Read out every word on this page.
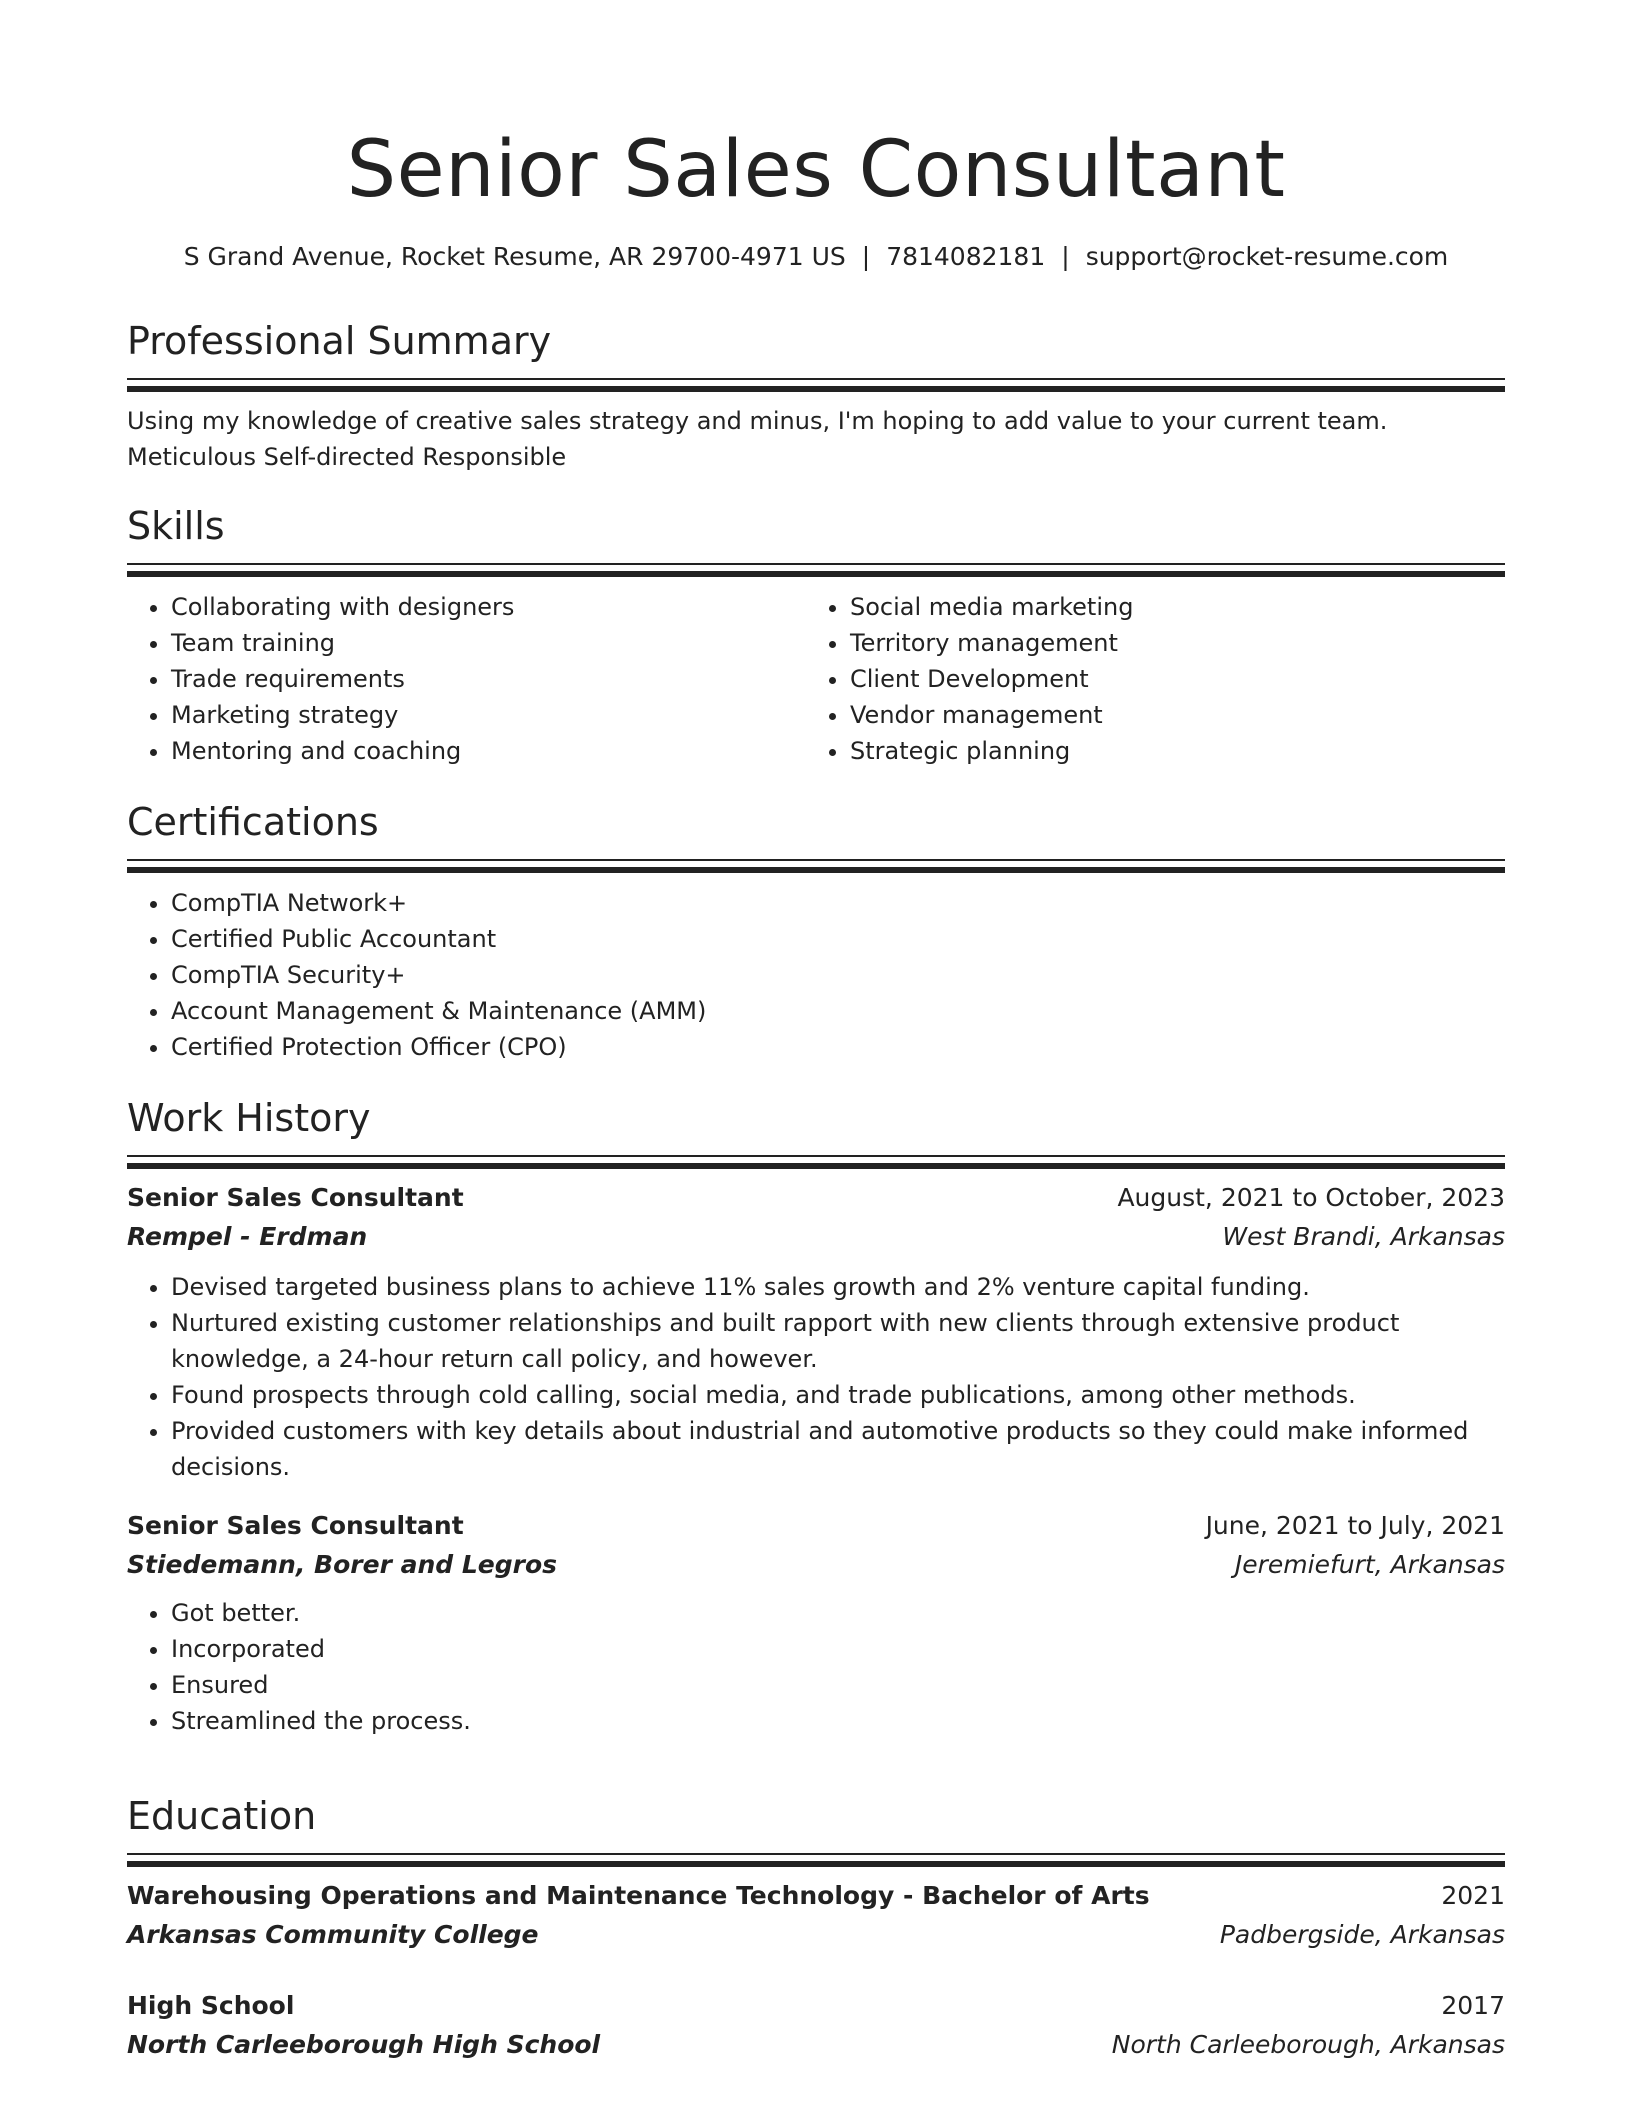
Senior Sales Consultant
S Grand Avenue, Rocket Resume, AR 29700-4971 US | 7814082181 | support@rocket-resume.com
Professional Summary
Using my knowledge of creative sales strategy and minus, I'm hoping to add value to your current team. Meticulous Self-directed Responsible
Skills
• Collaborating with designers
• Team training
• Trade requirements
• Marketing strategy
• Mentoring and coaching
• Social media marketing
• Territory management
• Client Development
• Vendor management
• Strategic planning
Certifications
• CompTIA Network+
• Certified Public Accountant
• CompTIA Security+
• Account Management & Maintenance (AMM)
• Certified Protection Officer (CPO)
Work History
Senior Sales Consultant	August, 2021 to October, 2023
Rempel - Erdman	West Brandi, Arkansas
• Devised targeted business plans to achieve 11% sales growth and 2% venture capital funding.
• Nurtured existing customer relationships and built rapport with new clients through extensive product knowledge, a 24-hour return call policy, and however.
• Found prospects through cold calling, social media, and trade publications, among other methods.
• Provided customers with key details about industrial and automotive products so they could make informed decisions.
Senior Sales Consultant	June, 2021 to July, 2021
Stiedemann, Borer and Legros	Jeremiefurt, Arkansas
• Got better.
• Incorporated
• Ensured
• Streamlined the process.
Education
Warehousing Operations and Maintenance Technology - Bachelor of Arts	2021
Arkansas Community College	Padbergside, Arkansas
High School	2017
North Carleeborough High School	North Carleeborough, Arkansas
